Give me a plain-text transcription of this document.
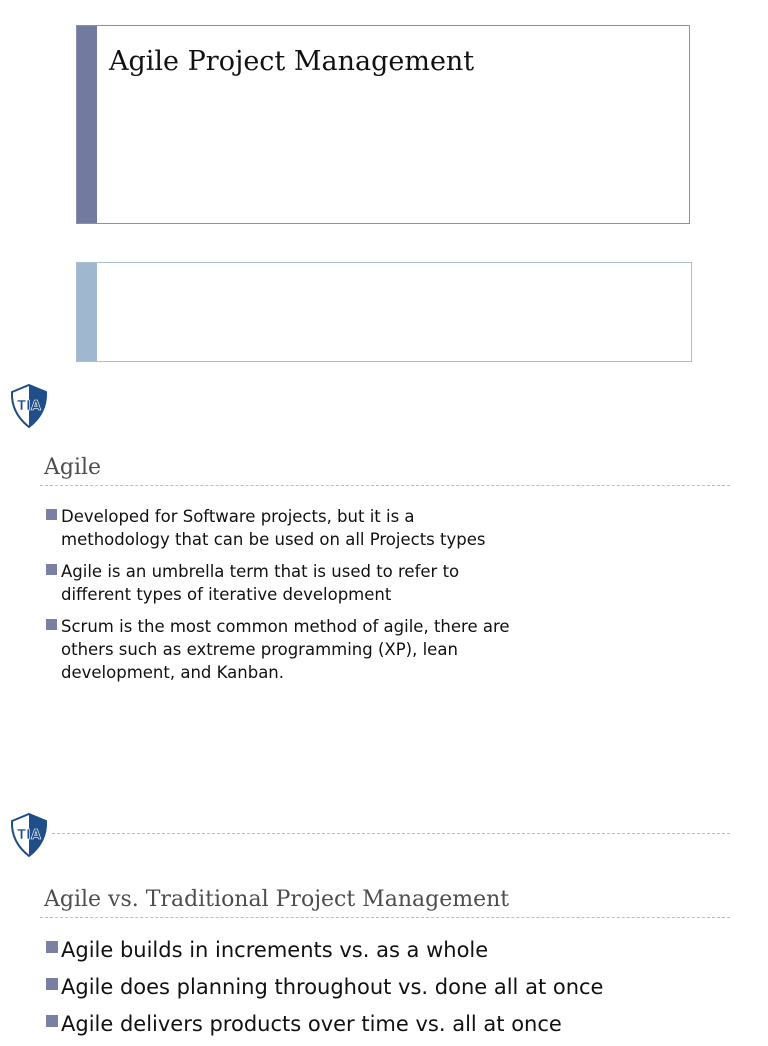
Agile Project Management
TIA
Agile
Developed for Software projects, but it is a methodology that can be used on all Projects types
Agile is an umbrella term that is used to refer to different types of iterative development
Scrum is the most common method of agile, there are others such as extreme programming (XP), lean development, and Kanban.
TIA
Agile vs. Traditional Project Management
Agile builds in increments vs. as a whole
Agile does planning throughout vs. done all at once
Agile delivers products over time vs. all at once
